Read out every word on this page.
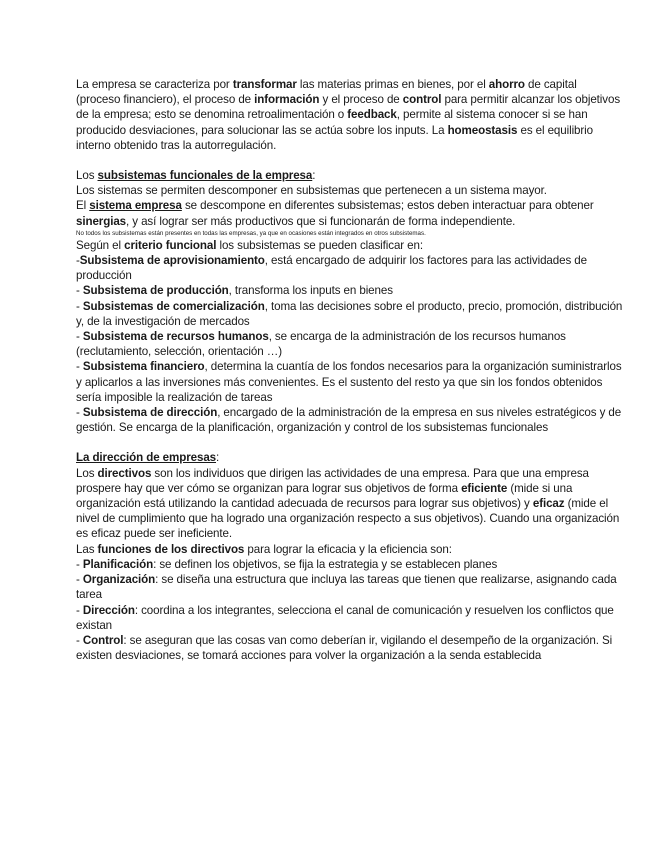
La empresa se caracteriza por transformar las materias primas en bienes, por el ahorro de capital (proceso financiero), el proceso de información y el proceso de control para permitir alcanzar los objetivos de la empresa; esto se denomina retroalimentación o feedback, permite al sistema conocer si se han producido desviaciones, para solucionar las se actúa sobre los inputs. La homeostasis es el equilibrio interno obtenido tras la autorregulación.

Los subsistemas funcionales de la empresa:

Los sistemas se permiten descomponer en subsistemas que pertenecen a un sistema mayor.

El sistema empresa se descompone en diferentes subsistemas; estos deben interactuar para obtener sinergias, y así lograr ser más productivos que si funcionarán de forma independiente.

No todos los subsistemas están presentes en todas las empresas, ya que en ocasiones están integrados en otros subsistemas.

Según el criterio funcional los subsistemas se pueden clasificar en:

-Subsistema de aprovisionamiento, está encargado de adquirir los factores para las actividades de producción

- Subsistema de producción, transforma los inputs en bienes

- Subsistemas de comercialización, toma las decisiones sobre el producto, precio, promoción, distribución y, de la investigación de mercados

- Subsistema de recursos humanos, se encarga de la administración de los recursos humanos (reclutamiento, selección, orientación …)

- Subsistema financiero, determina la cuantía de los fondos necesarios para la organización suministrarlos y aplicarlos a las inversiones más convenientes. Es el sustento del resto ya que sin los fondos obtenidos sería imposible la realización de tareas

- Subsistema de dirección, encargado de la administración de la empresa en sus niveles estratégicos y de gestión. Se encarga de la planificación, organización y control de los subsistemas funcionales

La dirección de empresas:

Los directivos son los individuos que dirigen las actividades de una empresa. Para que una empresa prospere hay que ver cómo se organizan para lograr sus objetivos de forma eficiente (mide si una organización está utilizando la cantidad adecuada de recursos para lograr sus objetivos) y eficaz (mide el nivel de cumplimiento que ha logrado una organización respecto a sus objetivos). Cuando una organización es eficaz puede ser ineficiente.

Las funciones de los directivos para lograr la eficacia y la eficiencia son:

- Planificación: se definen los objetivos, se fija la estrategia y se establecen planes

- Organización: se diseña una estructura que incluya las tareas que tienen que realizarse, asignando cada tarea

- Dirección: coordina a los integrantes, selecciona el canal de comunicación y resuelven los conflictos que existan

- Control: se aseguran que las cosas van como deberían ir, vigilando el desempeño de la organización. Si existen desviaciones, se tomará acciones para volver la organización a la senda establecida
